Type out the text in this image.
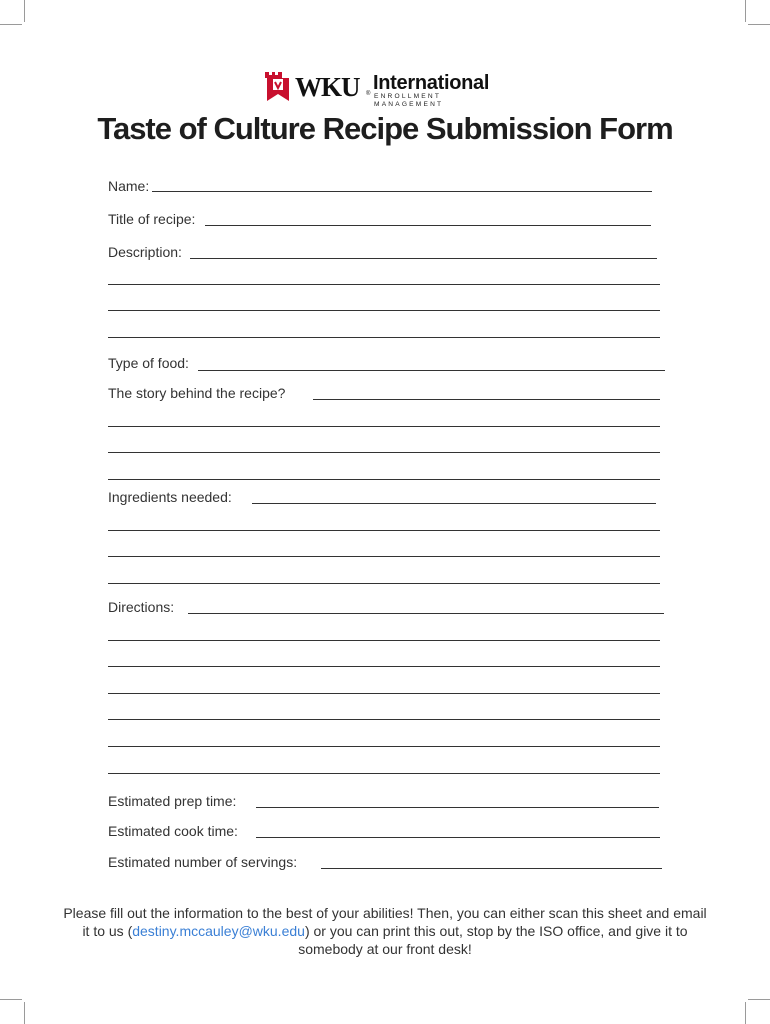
WKU ® International
ENROLLMENT MANAGEMENT
Taste of Culture Recipe Submission Form
Name:
Title of recipe:
Description:
Type of food:
The story behind the recipe?
Ingredients needed:
Directions:
Estimated prep time:
Estimated cook time:
Estimated number of servings:
Please fill out the information to the best of your abilities! Then, you can either scan this sheet and email it to us (destiny.mccauley@wku.edu) or you can print this out, stop by the ISO office, and give it to somebody at our front desk!
